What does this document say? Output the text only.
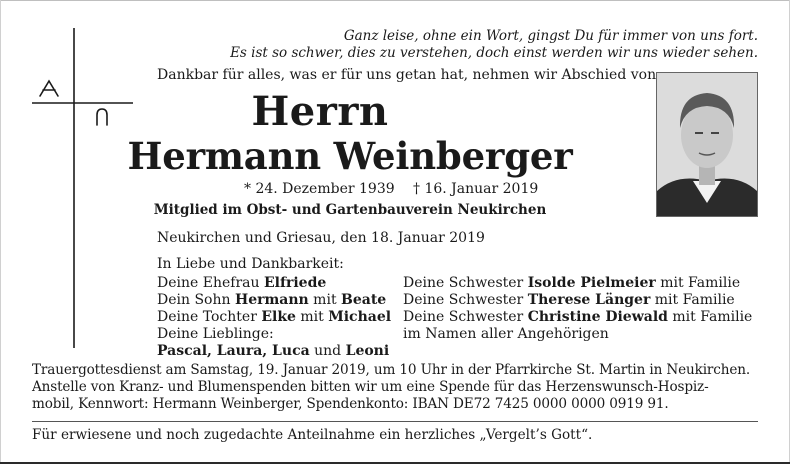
Ganz leise, ohne ein Wort, gingst Du für immer von uns fort.
Es ist so schwer, dies zu verstehen, doch einst werden wir uns wieder sehen.
Dankbar für alles, was er für uns getan hat, nehmen wir Abschied von
Herrn
Hermann Weinberger
* 24. Dezember 1939 † 16. Januar 2019
Mitglied im Obst- und Gartenbauverein Neukirchen
Neukirchen und Griesau, den 18. Januar 2019
In Liebe und Dankbarkeit:
Deine Ehefrau Elfriede
Dein Sohn Hermann mit Beate
Deine Tochter Elke mit Michael
Deine Lieblinge:
Pascal, Laura, Luca und Leoni
Deine Schwester Isolde Pielmeier mit Familie
Deine Schwester Therese Länger mit Familie
Deine Schwester Christine Diewald mit Familie
im Namen aller Angehörigen
Trauergottesdienst am Samstag, 19. Januar 2019, um 10 Uhr in der Pfarrkirche St. Martin in Neukirchen.
Anstelle von Kranz- und Blumenspenden bitten wir um eine Spende für das Herzenswunsch-Hospiz-
mobil, Kennwort: Hermann Weinberger, Spendenkonto: IBAN DE72 7425 0000 0000 0919 91.
Für erwiesene und noch zugedachte Anteilnahme ein herzliches „Vergelt’s Gott“.
